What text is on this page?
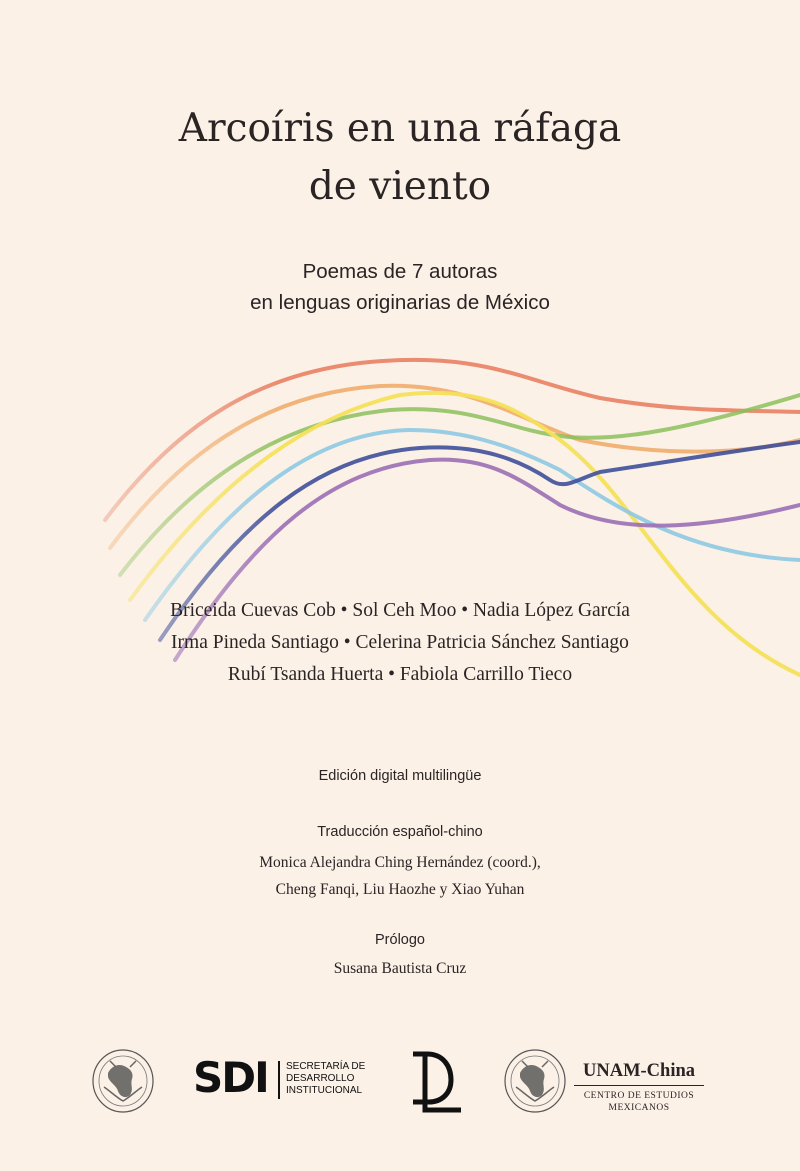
Arcoíris en una ráfaga
de viento
Poemas de 7 autoras
en lenguas originarias de México
Briceida Cuevas Cob • Sol Ceh Moo • Nadia López García
Irma Pineda Santiago • Celerina Patricia Sánchez Santiago
Rubí Tsanda Huerta • Fabiola Carrillo Tieco
Edición digital multilingüe
Traducción español-chino
Monica Alejandra Ching Hernández (coord.),
Cheng Fanqi, Liu Haozhe y Xiao Yuhan
Prólogo
Susana Bautista Cruz
SDI SECRETARÍA DE
DESARROLLO
INSTITUCIONAL
UNAM-China
CENTRO DE ESTUDIOS
MEXICANOS
